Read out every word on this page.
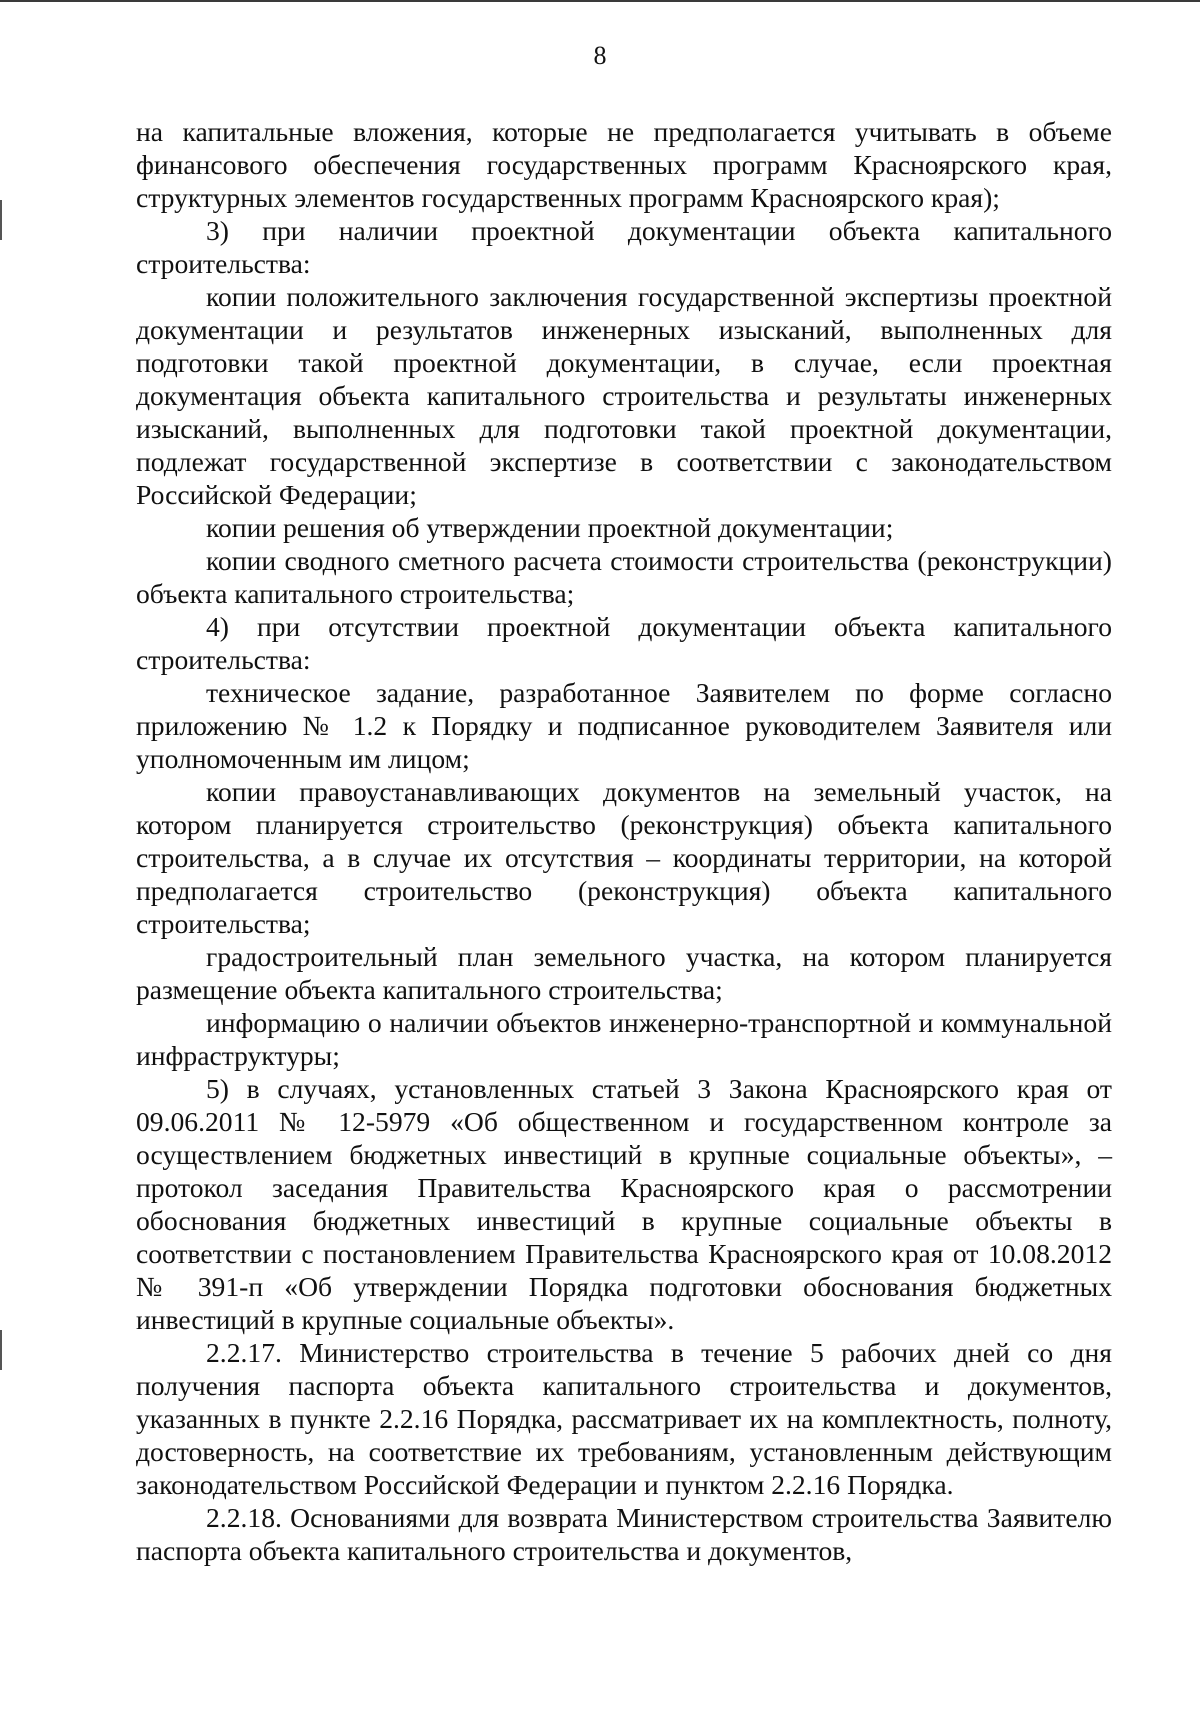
8

на капитальные вложения, которые не предполагается учитывать в объеме финансового обеспечения государственных программ Красноярского края, структурных элементов государственных программ Красноярского края);

3) при наличии проектной документации объекта капитального строительства:

копии положительного заключения государственной экспертизы проектной документации и результатов инженерных изысканий, выполненных для подготовки такой проектной документации, в случае, если проектная документация объекта капитального строительства и результаты инженерных изысканий, выполненных для подготовки такой проектной документации, подлежат государственной экспертизе в соответствии с законодательством Российской Федерации;

копии решения об утверждении проектной документации;

копии сводного сметного расчета стоимости строительства (реконструкции) объекта капитального строительства;

4) при отсутствии проектной документации объекта капитального строительства:

техническое задание, разработанное Заявителем по форме согласно приложению № 1.2 к Порядку и подписанное руководителем Заявителя или уполномоченным им лицом;

копии правоустанавливающих документов на земельный участок, на котором планируется строительство (реконструкция) объекта капитального строительства, а в случае их отсутствия – координаты территории, на которой предполагается строительство (реконструкция) объекта капитального строительства;

градостроительный план земельного участка, на котором планируется размещение объекта капитального строительства;

информацию о наличии объектов инженерно-транспортной и коммунальной инфраструктуры;

5) в случаях, установленных статьей 3 Закона Красноярского края от 09.06.2011 № 12-5979 «Об общественном и государственном контроле за осуществлением бюджетных инвестиций в крупные социальные объекты», – протокол заседания Правительства Красноярского края о рассмотрении обоснования бюджетных инвестиций в крупные социальные объекты в соответствии с постановлением Правительства Красноярского края от 10.08.2012 № 391-п «Об утверждении Порядка подготовки обоснования бюджетных инвестиций в крупные социальные объекты».

2.2.17. Министерство строительства в течение 5 рабочих дней со дня получения паспорта объекта капитального строительства и документов, указанных в пункте 2.2.16 Порядка, рассматривает их на комплектность, полноту, достоверность, на соответствие их требованиям, установленным действующим законодательством Российской Федерации и пунктом 2.2.16 Порядка.

2.2.18. Основаниями для возврата Министерством строительства Заявителю паспорта объекта капитального строительства и документов,
